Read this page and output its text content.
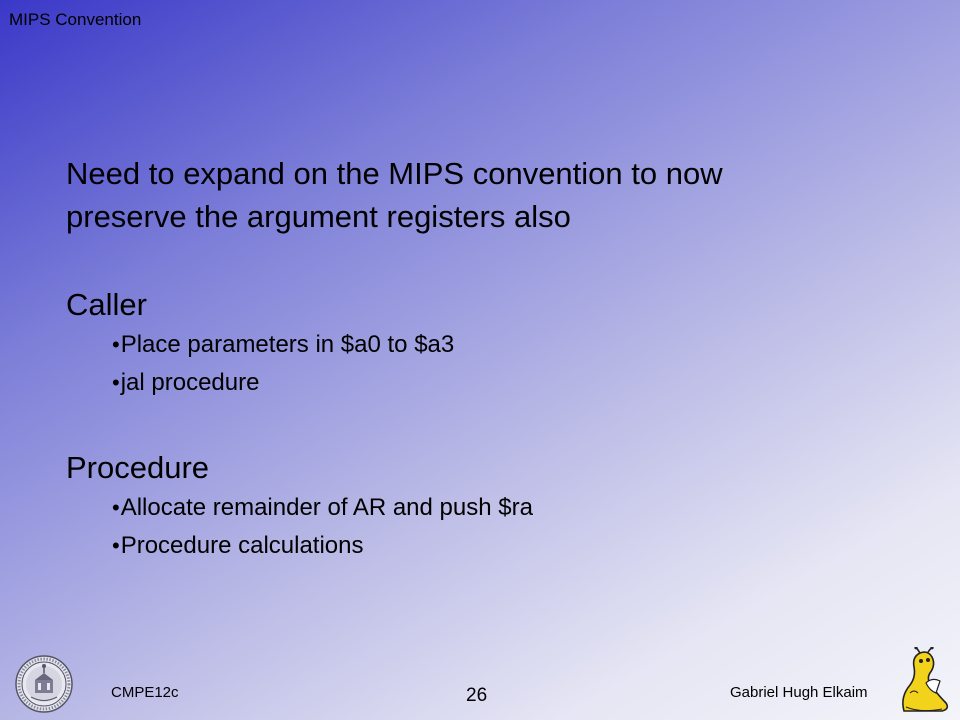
MIPS Convention
Need to expand on the MIPS convention to now
preserve the argument registers also
Caller
• Place parameters in $a0 to $a3
• jal procedure
Procedure
• Allocate remainder of AR and push $ra
• Procedure calculations
CMPE12c	26	Gabriel Hugh Elkaim
